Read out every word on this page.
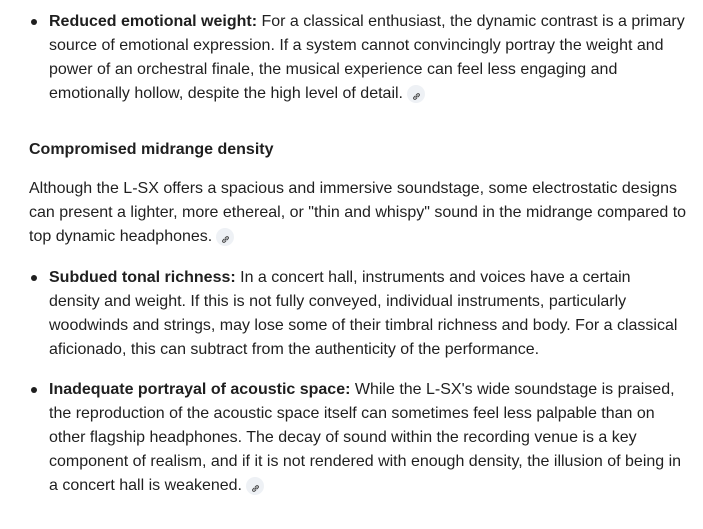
Reduced emotional weight: For a classical enthusiast, the dynamic contrast is a primary source of emotional expression. If a system cannot convincingly portray the weight and power of an orchestral finale, the musical experience can feel less engaging and emotionally hollow, despite the high level of detail.
Compromised midrange density

Although the L-SX offers a spacious and immersive soundstage, some electrostatic designs can present a lighter, more ethereal, or "thin and whispy" sound in the midrange compared to top dynamic headphones.

Subdued tonal richness: In a concert hall, instruments and voices have a certain density and weight. If this is not fully conveyed, individual instruments, particularly woodwinds and strings, may lose some of their timbral richness and body. For a classical aficionado, this can subtract from the authenticity of the performance.
Inadequate portrayal of acoustic space: While the L-SX's wide soundstage is praised, the reproduction of the acoustic space itself can sometimes feel less palpable than on other flagship headphones. The decay of sound within the recording venue is a key component of realism, and if it is not rendered with enough density, the illusion of being in a concert hall is weakened.
